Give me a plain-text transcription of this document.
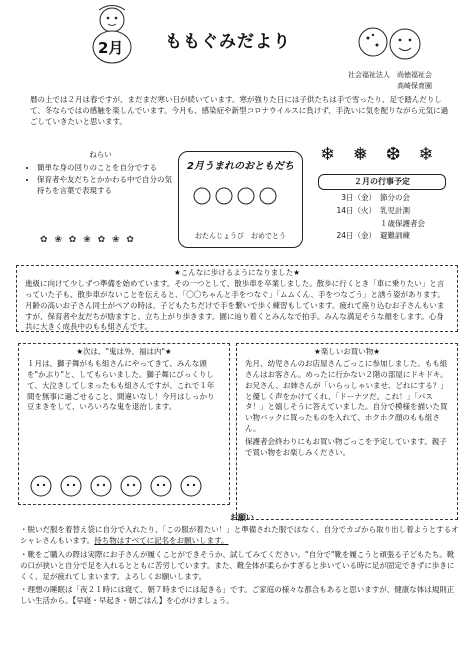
2月 ももぐみだより
社会福祉法人　尚徳福祉会
高崎保育園
暦の上では２月は春ですが、まだまだ寒い日が続いています。寒が強りた日には子供たちは手で雪ったり、足で踏んだりして、冬ならではの感触を楽しんでいます。今月も、感染症や新型コロナウイルスに負けず、手洗いに気を配りながら元気に過ごしていきたいと思います。
ねらい
• 簡単な身の回りのことを自分でする
• 保育者や友だちとかかわる中で自分の気持ちを言葉で表現する
✿ ❀ ✿ ❀ ✿ ❀ ✿
2月うまれのおともだち
おたんじょうび　おめでとう
❄ ❅ ❆ ❄
２月の行事予定
3日（金） 節分の会
14日（火） 乳児計測
１歳保護者会
24日（金） 避難訓練
★こんなに歩けるようになりました★
進級に向けて少しずつ準備を始めています。その一つとして、散歩車を卒業しました。散歩に行くとき「車に乗りたい」と言っていた子も、散歩車がないことを伝えると、「〇〇ちゃんと手をつなぐ」「ムムくん、手をつなごう」と誘う姿があります。月齢の高いお子さん同士がペアの時は、子どもたちだけで手を繋いで歩く練習もしています。疲れて座り込むお子さんもいますが、保育者や友だちが励ますと、立ち上がり歩きます。園に辿り着くとみんなで拍手。みんな満足そうな顔をします。心身共に大きく成長中のもも組さんです。
★次は、"鬼は外、福は内"★
１月は、獅子舞がもも組さんにやってきて、みんな頭を"かぷり"と、してもらいました。獅子舞にびっくりして、大泣きしてしまったもも組さんですが、これで１年間を無事に過ごせること、間違いなし！今月はしっかり豆まきをして、いろいろな鬼を退治します。
★楽しいお買い物★
先月、幼児さんのお店屋さんごっこに参加しました。もも組さんはお客さん。めったに行かない２階の部屋にドキドキ。お兄さん、お姉さんが「いらっしゃいませ、どれにする？」と優しく声をかけてくれ、「ドーナツだ。これ！」「パスタ！」と嬉しそうに答えていました。自分で模様を描いた買い物バックに買ったものを入れて、ホクホク顔のもも組さん。
保護者会終わりにもお買い物ごっこを予定しています。親子で買い物をお楽しみください。
お願い

・脱いだ服を着替え袋に自分で入れたり、「この服が着たい！」と準備された服ではなく、自分でカゴから取り出し着ようとするオシャレさんもいます。持ち物はすべてに記名をお願いします。

・靴をご購入の際は実際にお子さんが履くことができそうか、試してみてください。"自分で"靴を履こうと頑張る子どもたち。靴の口が狭いと自分で足を入れるとともに苦労しています。また、靴全体が柔らかすぎると歩いている時に足が固定できずに歩きにくく、足が疲れてしまいます。よろしくお願いします。

・理想の睡眠は「夜２１時には寝て、朝７時までには起きる」です。ご家庭の様々な都合もあると思いますが、健康な体は規則正しい生活から。【早寝・早起き・朝ごはん】を心がけましょう。
